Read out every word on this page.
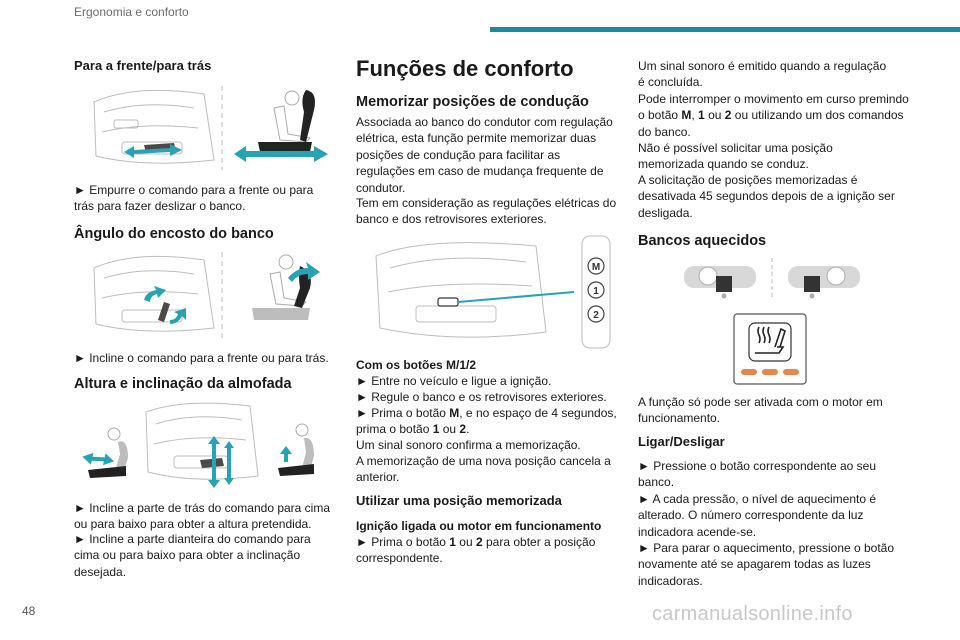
Ergonomia e conforto
Para a frente/para trás
► Empurre o comando para a frente ou para trás para fazer deslizar o banco.
Ângulo do encosto do banco
► Incline o comando para a frente ou para trás.
Altura e inclinação da almofada
► Incline a parte de trás do comando para cima ou para baixo para obter a altura pretendida.
► Incline a parte dianteira do comando para cima ou para baixo para obter a inclinação desejada.
Funções de conforto
Memorizar posições de condução
Associada ao banco do condutor com regulação elétrica, esta função permite memorizar duas posições de condução para facilitar as regulações em caso de mudança frequente de condutor.
Tem em consideração as regulações elétricas do banco e dos retrovisores exteriores.
M
1
2
Com os botões M/1/2
► Entre no veículo e ligue a ignição.
► Regule o banco e os retrovisores exteriores.
► Prima o botão M, e no espaço de 4 segundos, prima o botão 1 ou 2.
Um sinal sonoro confirma a memorização.
A memorização de uma nova posição cancela a anterior.
Utilizar uma posição memorizada
Ignição ligada ou motor em funcionamento
► Prima o botão 1 ou 2 para obter a posição correspondente.
Um sinal sonoro é emitido quando a regulação é concluída.
Pode interromper o movimento em curso premindo o botão M, 1 ou 2 ou utilizando um dos comandos do banco.
Não é possível solicitar uma posição memorizada quando se conduz.
A solicitação de posições memorizadas é desativada 45 segundos depois de a ignição ser desligada.
Bancos aquecidos
A função só pode ser ativada com o motor em funcionamento.
Ligar/Desligar
► Pressione o botão correspondente ao seu banco.
► A cada pressão, o nível de aquecimento é alterado. O número correspondente da luz indicadora acende-se.
► Para parar o aquecimento, pressione o botão novamente até se apagarem todas as luzes indicadoras.
48	carmanualsonline.info
